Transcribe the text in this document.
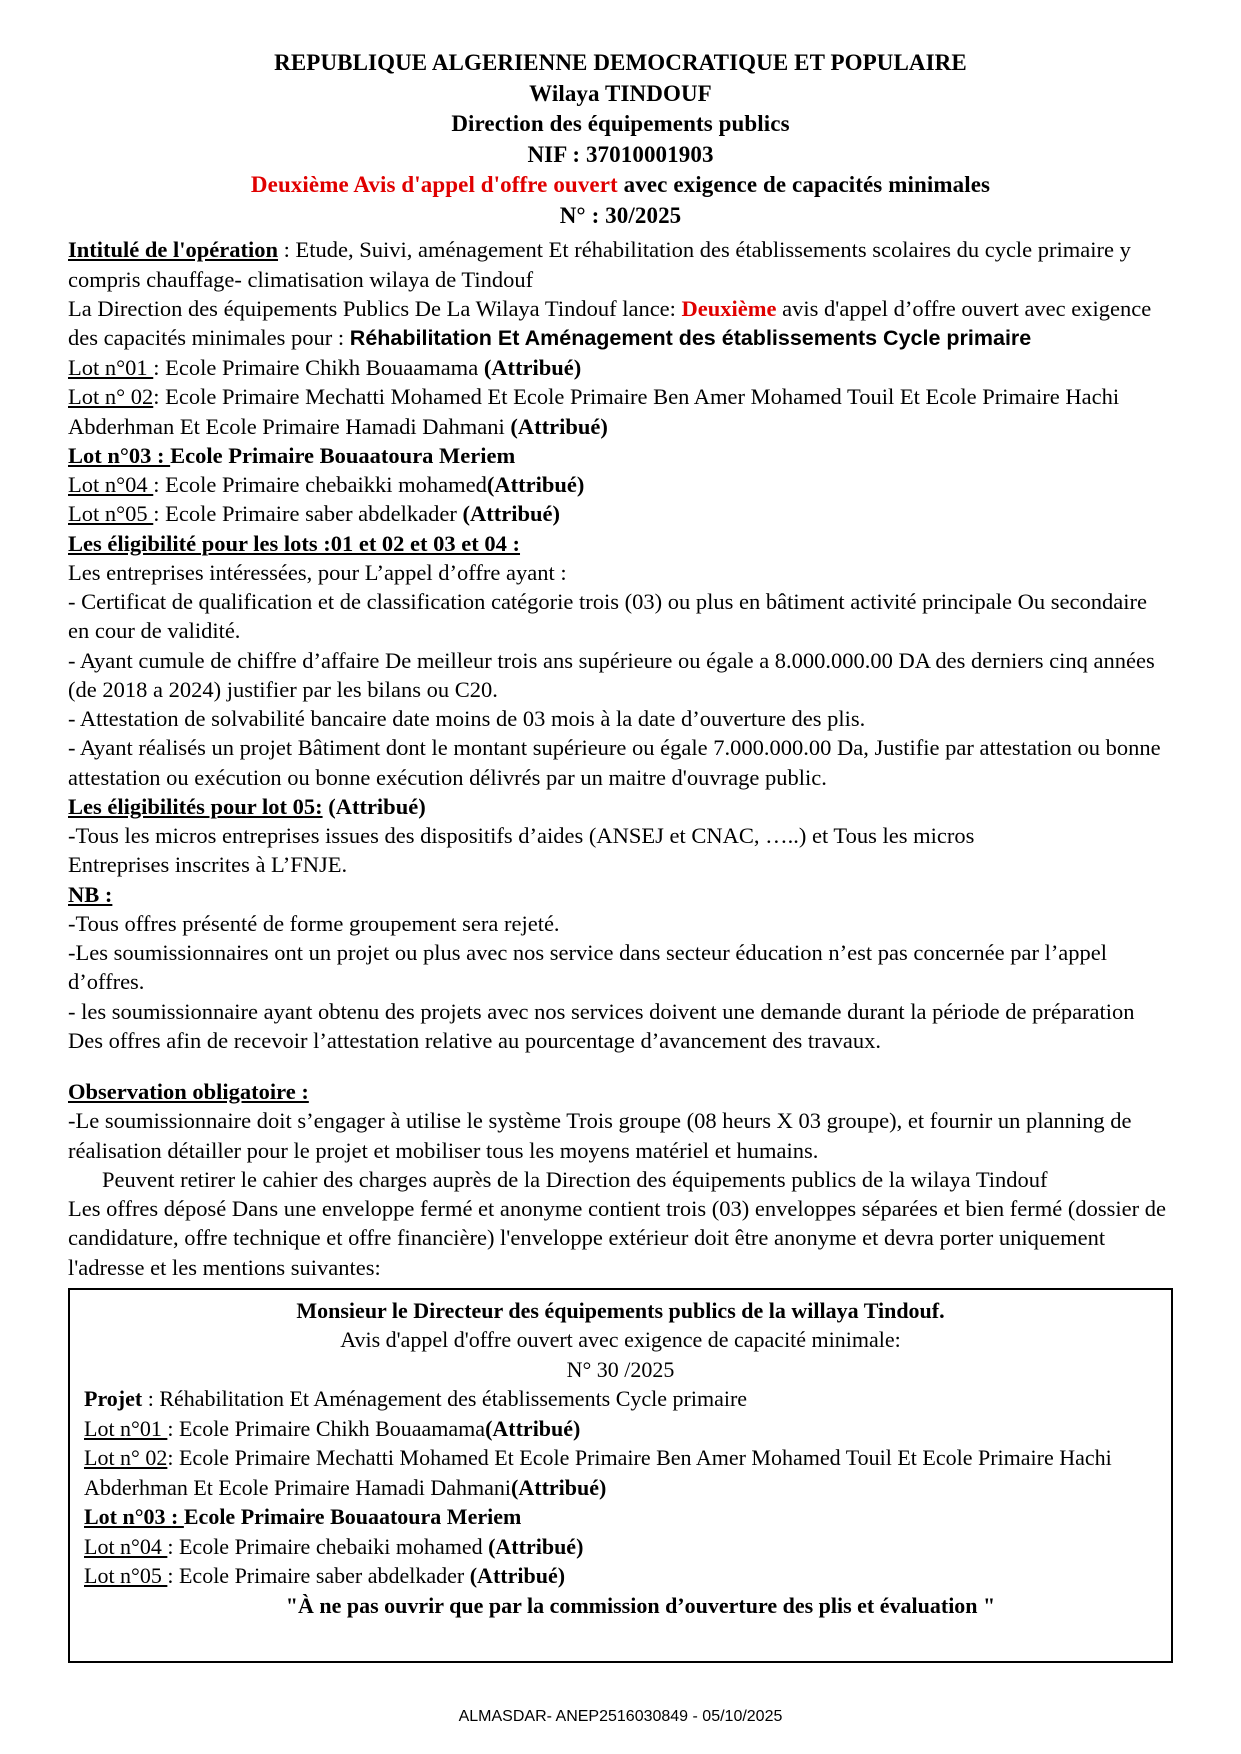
REPUBLIQUE ALGERIENNE DEMOCRATIQUE ET POPULAIRE
Wilaya TINDOUF
Direction des équipements publics
NIF : 37010001903
Deuxième Avis d'appel d'offre ouvert avec exigence de capacités minimales
N° : 30/2025

Intitulé de l'opération : Etude, Suivi, aménagement Et réhabilitation des établissements scolaires du cycle primaire y compris chauffage- climatisation wilaya de Tindouf

La Direction des équipements Publics De La Wilaya Tindouf lance: Deuxième avis d'appel d’offre ouvert avec exigence des capacités minimales pour : Réhabilitation Et Aménagement des établissements Cycle primaire

Lot n°01 : Ecole Primaire Chikh Bouaamama (Attribué)

Lot n° 02: Ecole Primaire Mechatti Mohamed Et Ecole Primaire Ben Amer Mohamed Touil Et Ecole Primaire Hachi Abderhman Et Ecole Primaire Hamadi Dahmani (Attribué)

Lot n°03 : Ecole Primaire Bouaatoura Meriem

Lot n°04 : Ecole Primaire chebaikki mohamed(Attribué)

Lot n°05 : Ecole Primaire saber abdelkader (Attribué)

Les éligibilité pour les lots :01 et 02 et 03 et 04 :

Les entreprises intéressées, pour L’appel d’offre ayant :

- Certificat de qualification et de classification catégorie trois (03) ou plus en bâtiment activité principale Ou secondaire en cour de validité.

- Ayant cumule de chiffre d’affaire De meilleur trois ans supérieure ou égale a 8.000.000.00 DA des derniers cinq années (de 2018 a 2024) justifier par les bilans ou C20.

- Attestation de solvabilité bancaire date moins de 03 mois à la date d’ouverture des plis.

- Ayant réalisés un projet Bâtiment dont le montant supérieure ou égale 7.000.000.00 Da, Justifie par attestation ou bonne attestation ou exécution ou bonne exécution délivrés par un maitre d'ouvrage public.

Les éligibilités pour lot 05: (Attribué)

-Tous les micros entreprises issues des dispositifs d’aides (ANSEJ et CNAC, …..) et Tous les micros

Entreprises inscrites à L’FNJE.

NB :

-Tous offres présenté de forme groupement sera rejeté.

-Les soumissionnaires ont un projet ou plus avec nos service dans secteur éducation n’est pas concernée par l’appel d’offres.

- les soumissionnaire ayant obtenu des projets avec nos services doivent une demande durant la période de préparation

Des offres afin de recevoir l’attestation relative au pourcentage d’avancement des travaux.

Observation obligatoire :

-Le soumissionnaire doit s’engager à utilise le système Trois groupe (08 heurs X 03 groupe), et fournir un planning de réalisation détailler pour le projet et mobiliser tous les moyens matériel et humains.

Peuvent retirer le cahier des charges auprès de la Direction des équipements publics de la wilaya Tindouf

Les offres déposé Dans une enveloppe fermé et anonyme contient trois (03) enveloppes séparées et bien fermé (dossier de candidature, offre technique et offre financière) l'enveloppe extérieur doit être anonyme et devra porter uniquement l'adresse et les mentions suivantes:

Monsieur le Directeur des équipements publics de la willaya Tindouf.
Avis d'appel d'offre ouvert avec exigence de capacité minimale:
N° 30 /2025

Projet : Réhabilitation Et Aménagement des établissements Cycle primaire

Lot n°01 : Ecole Primaire Chikh Bouaamama(Attribué)

Lot n° 02: Ecole Primaire Mechatti Mohamed Et Ecole Primaire Ben Amer Mohamed Touil Et Ecole Primaire Hachi Abderhman Et Ecole Primaire Hamadi Dahmani(Attribué)

Lot n°03 : Ecole Primaire Bouaatoura Meriem

Lot n°04 : Ecole Primaire chebaiki mohamed (Attribué)

Lot n°05 : Ecole Primaire saber abdelkader (Attribué)

"À ne pas ouvrir que par la commission d’ouverture des plis et évaluation "
ALMASDAR- ANEP2516030849 - 05/10/2025
